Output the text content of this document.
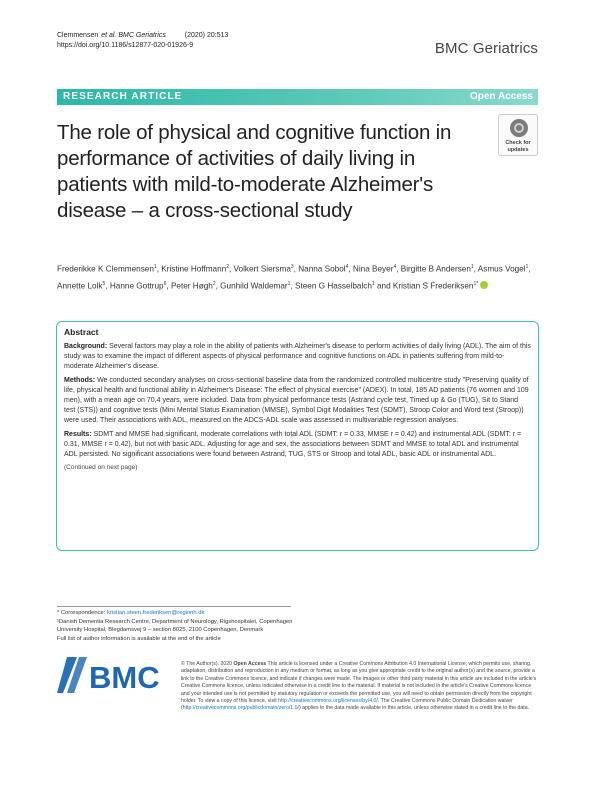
Clemmensen et al. BMC Geriatrics	(2020) 20:513
https://doi.org/10.1186/s12877-020-01926-9	BMC Geriatrics
RESEARCH ARTICLE	Open Access
The role of physical and cognitive function in performance of activities of daily living in patients with mild-to-moderate Alzheimer's disease – a cross-sectional study
Check for
updates
Frederikke K Clemmensen$^1$, Kristine Hoffmann$^2$, Volkert Siersma$^3$, Nanna Sobol$^4$, Nina Beyer$^4$, Birgitte B Andersen$^1$, Asmus Vogel$^1$, Annette Lolk$^5$, Hanne Gottrup$^6$, Peter Høgh$^2$, Gunhild Waldemar$^1$, Steen G Hasselbalch$^1$ and Kristian S Frederiksen$^{1*}$
Abstract

Background: Several factors may play a role in the ability of patients with Alzheimer's disease to perform activities of daily living (ADL). The aim of this study was to examine the impact of different aspects of physical performance and cognitive functions on ADL in patients suffering from mild-to-moderate Alzheimer's disease.

Methods: We conducted secondary analyses on cross-sectional baseline data from the randomized controlled multicentre study "Preserving quality of life, physical health and functional ability in Alzheimer's Disease: The effect of physical exercise" (ADEX). In total, 185 AD patients (76 women and 109 men), with a mean age on 70,4 years, were included. Data from physical performance tests (Astrand cycle test, Timed up & Go (TUG), Sit to Stand test (STS)) and cognitive tests (Mini Mental Status Examination (MMSE), Symbol Digit Modalities Test (SDMT), Stroop Color and Word test (Stroop)) were used. Their associations with ADL, measured on the ADCS-ADL scale was assessed in multivariable regression analyses.

Results: SDMT and MMSE had significant, moderate correlations with total ADL (SDMT: r = 0.33, MMSE r = 0.42) and instrumental ADL (SDMT: r = 0.31, MMSE r = 0.42), but not with basic ADL. Adjusting for age and sex, the associations between SDMT and MMSE to total ADL and instrumental ADL persisted. No significant associations were found between Astrand, TUG, STS or Stroop and total ADL, basic ADL or instrumental ADL.

(Continued on next page)
* Correspondence: kristian.steen.frederiksen@regionh.dk
¹Danish Dementia Research Centre, Department of Neurology, Rigshospitalet, Copenhagen University Hospital, Blegdamsvej 9 – section 8025, 2100 Copenhagen, Denmark
Full list of author information is available at the end of the article
BMC	© The Author(s). 2020 Open Access This article is licensed under a Creative Commons Attribution 4.0 International License, which permits use, sharing, adaptation, distribution and reproduction in any medium or format, as long as you give appropriate credit to the original author(s) and the source, provide a link to the Creative Commons licence, and indicate if changes were made. The images or other third party material in this article are included in the article's Creative Commons licence, unless indicated otherwise in a credit line to the material. If material is not included in the article's Creative Commons licence and your intended use is not permitted by statutory regulation or exceeds the permitted use, you will need to obtain permission directly from the copyright holder. To view a copy of this licence, visit http://creativecommons.org/licenses/by/4.0/. The Creative Commons Public Domain Dedication waiver (http://creativecommons.org/publicdomain/zero/1.0/) applies to the data made available in this article, unless otherwise stated in a credit line to the data.
